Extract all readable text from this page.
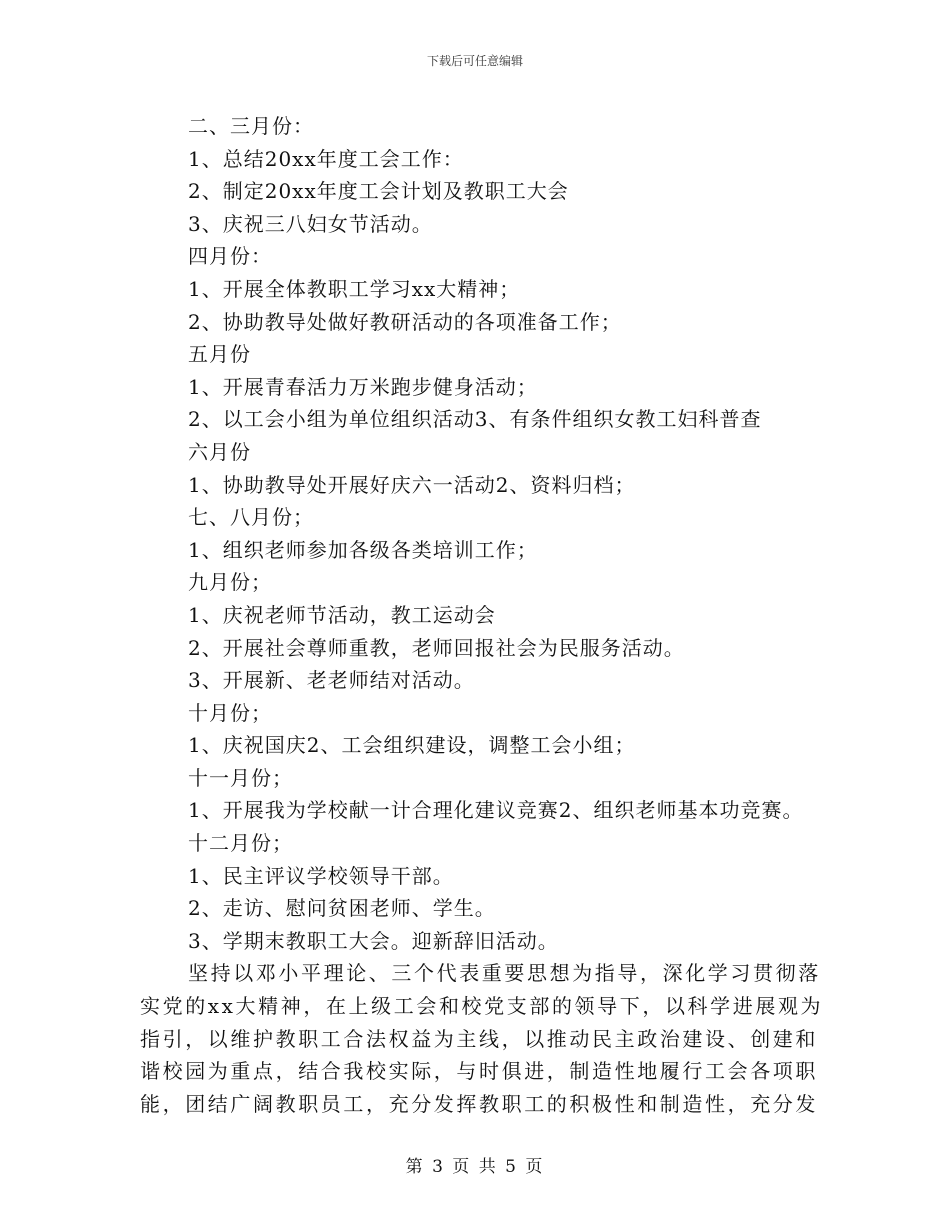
下载后可任意编辑
二、三月份：
1、总结20xx年度工会工作：
2、制定20xx年度工会计划及教职工大会
3、庆祝三八妇女节活动。
四月份：
1、开展全体教职工学习xx大精神；
2、协助教导处做好教研活动的各项准备工作；
五月份
1、开展青春活力万米跑步健身活动；
2、以工会小组为单位组织活动3、有条件组织女教工妇科普查
六月份
1、协助教导处开展好庆六一活动2、资料归档；
七、八月份；
1、组织老师参加各级各类培训工作；
九月份；
1、庆祝老师节活动，教工运动会
2、开展社会尊师重教，老师回报社会为民服务活动。
3、开展新、老老师结对活动。
十月份；
1、庆祝国庆2、工会组织建设，调整工会小组；
十一月份；
1、开展我为学校献一计合理化建议竞赛2、组织老师基本功竞赛。
十二月份；
1、民主评议学校领导干部。
2、走访、慰问贫困老师、学生。
3、学期末教职工大会。迎新辞旧活动。
坚持以邓小平理论、三个代表重要思想为指导，深化学习贯彻落
实党的xx大精神，在上级工会和校党支部的领导下，以科学进展观为
指引，以维护教职工合法权益为主线，以推动民主政治建设、创建和
谐校园为重点，结合我校实际，与时俱进，制造性地履行工会各项职
能，团结广阔教职员工，充分发挥教职工的积极性和制造性，充分发
第 3 页 共 5 页
